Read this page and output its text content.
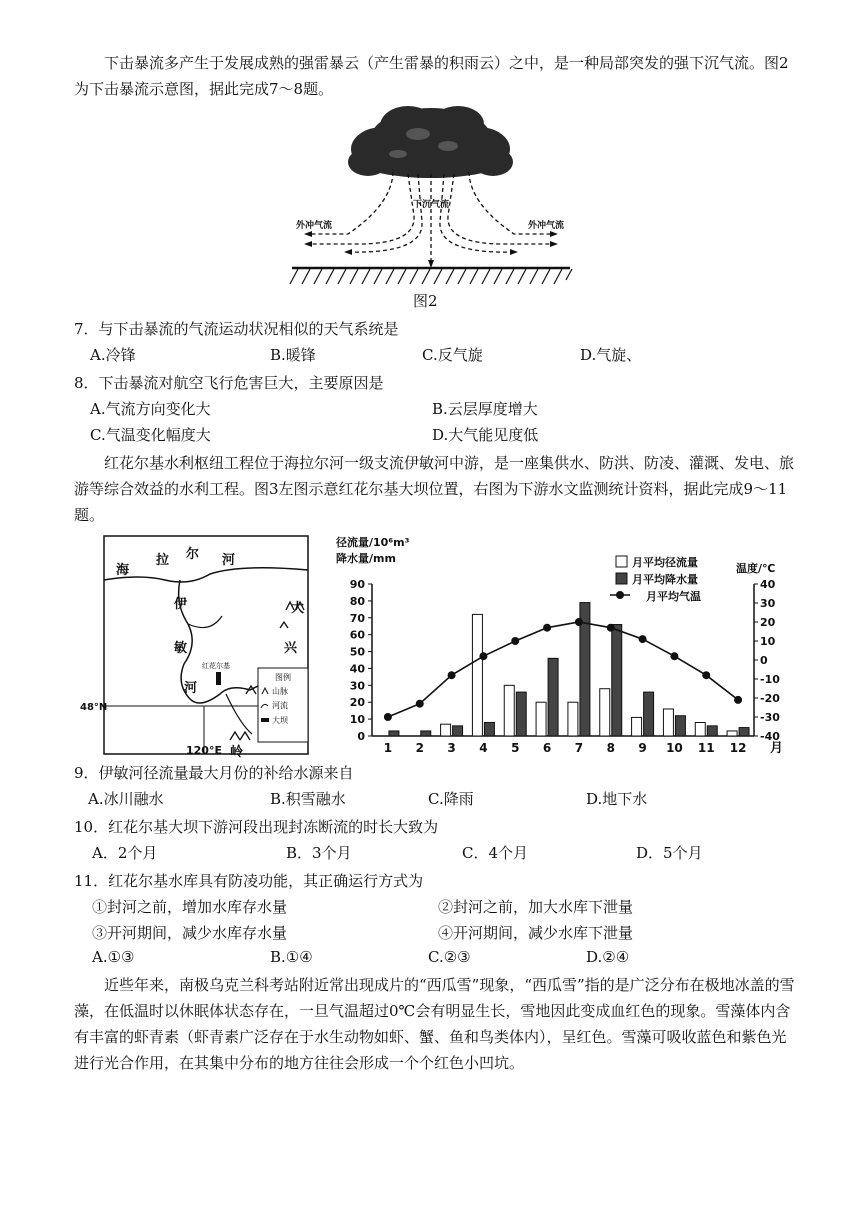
下击暴流多产生于发展成熟的强雷暴云（产生雷暴的积雨云）之中，是一种局部突发的强下沉气流。图2为下击暴流示意图，据此完成7～8题。
下沉气流
外冲气流	外冲气流
图2
7．与下击暴流的气流运动状况相似的天气系统是
A.冷锋	B.暖锋	C.反气旋	D.气旋、
8．下击暴流对航空飞行危害巨大，主要原因是
A.气流方向变化大	B.云层厚度增大
C.气温变化幅度大	D.大气能见度低
红花尔基水利枢纽工程位于海拉尔河一级支流伊敏河中游，是一座集供水、防洪、防凌、灌溉、发电、旅游等综合效益的水利工程。图3左图示意红花尔基大坝位置，右图为下游水文监测统计资料，据此完成9～11题。
海
拉 尔 河
伊
敏
河
大
兴
岭
红花尔基
48°N
图例
山脉
河流
大坝
120°E
径流量/10⁶m³
降水量/mm
温度/℃
月平均径流量
月平均降水量
月平均气温
0
10
20
30
40
50
60
70
80
90
-40
-30
-20
-10
0
10
20
30
40
1 2 3 4 5 6 7 8 9 10 11 12 月
9．伊敏河径流量最大月份的补给水源来自
A.冰川融水	B.积雪融水	C.降雨	D.地下水
10．红花尔基大坝下游河段出现封冻断流的时长大致为
A．2个月	B．3个月	C．4个月	D．5个月
11．红花尔基水库具有防凌功能，其正确运行方式为
①封河之前，增加水库存水量	②封河之前，加大水库下泄量
③开河期间，减少水库存水量	④开河期间，减少水库下泄量
A.①③	B.①④	C.②③	D.②④
近些年来，南极乌克兰科考站附近常出现成片的“西瓜雪”现象，“西瓜雪”指的是广泛分布在极地冰盖的雪藻，在低温时以休眠体状态存在，一旦气温超过0℃会有明显生长，雪地因此变成血红色的现象。雪藻体内含有丰富的虾青素（虾青素广泛存在于水生动物如虾、蟹、鱼和鸟类体内），呈红色。雪藻可吸收蓝色和紫色光进行光合作用，在其集中分布的地方往往会形成一个个红色小凹坑。
